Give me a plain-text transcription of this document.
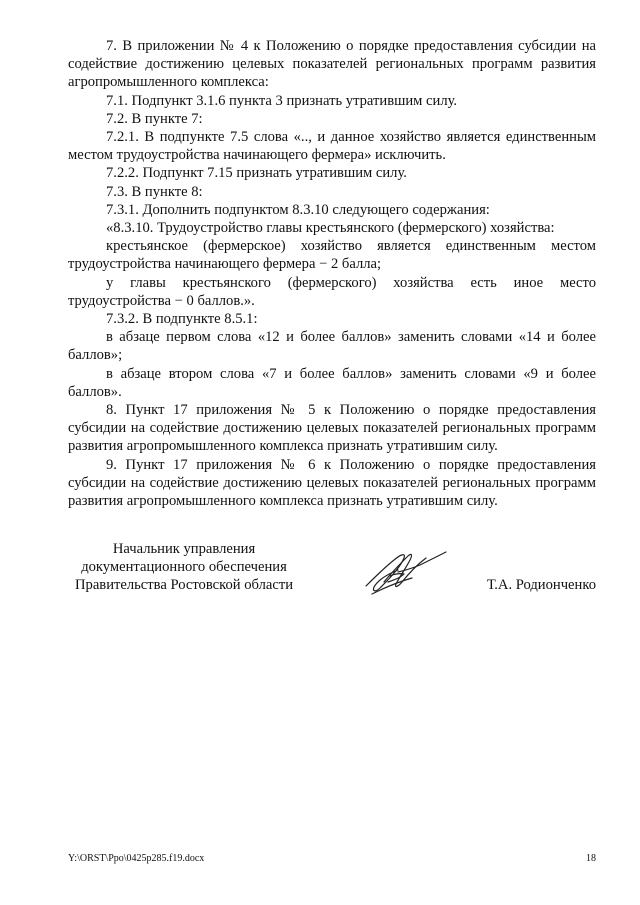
7. В приложении № 4 к Положению о порядке предоставления субсидии на содействие достижению целевых показателей региональных программ развития агропромышленного комплекса:

7.1. Подпункт 3.1.6 пункта 3 признать утратившим силу.

7.2. В пункте 7:

7.2.1. В подпункте 7.5 слова «.., и данное хозяйство является единственным местом трудоустройства начинающего фермера» исключить.

7.2.2. Подпункт 7.15 признать утратившим силу.

7.3. В пункте 8:

7.3.1. Дополнить подпунктом 8.3.10 следующего содержания:

«8.3.10. Трудоустройство главы крестьянского (фермерского) хозяйства:

крестьянское (фермерское) хозяйство является единственным местом трудоустройства начинающего фермера − 2 балла;

у главы крестьянского (фермерского) хозяйства есть иное место трудоустройства − 0 баллов.».

7.3.2. В подпункте 8.5.1:

в абзаце первом слова «12 и более баллов» заменить словами «14 и более баллов»;

в абзаце втором слова «7 и более баллов» заменить словами «9 и более баллов».

8. Пункт 17 приложения № 5 к Положению о порядке предоставления субсидии на содействие достижению целевых показателей региональных программ развития агропромышленного комплекса признать утратившим силу.

9. Пункт 17 приложения № 6 к Положению о порядке предоставления субсидии на содействие достижению целевых показателей региональных программ развития агропромышленного комплекса признать утратившим силу.

Начальник управления
документационного обеспечения
Правительства Ростовской области	Т.А. Родионченко
Y:\ORST\Ppo\0425p285.f19.docx	18
